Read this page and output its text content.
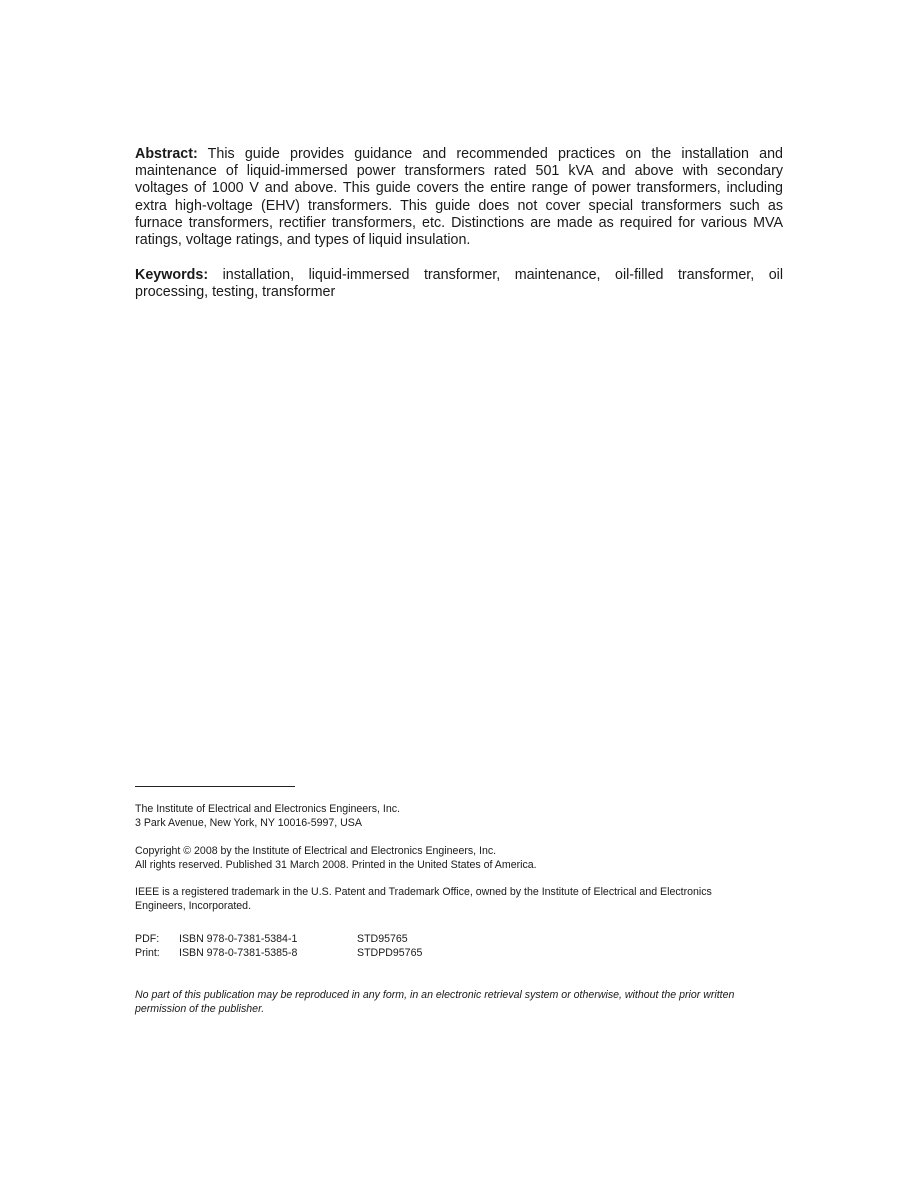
Abstract: This guide provides guidance and recommended practices on the installation and maintenance of liquid-immersed power transformers rated 501 kVA and above with secondary voltages of 1000 V and above. This guide covers the entire range of power transformers, including extra high-voltage (EHV) transformers. This guide does not cover special transformers such as furnace transformers, rectifier transformers, etc. Distinctions are made as required for various MVA ratings, voltage ratings, and types of liquid insulation.
Keywords: installation, liquid-immersed transformer, maintenance, oil-filled transformer, oil processing, testing, transformer
The Institute of Electrical and Electronics Engineers, Inc.
3 Park Avenue, New York, NY 10016-5997, USA
Copyright © 2008 by the Institute of Electrical and Electronics Engineers, Inc.
All rights reserved. Published 31 March 2008. Printed in the United States of America.
IEEE is a registered trademark in the U.S. Patent and Trademark Office, owned by the Institute of Electrical and Electronics
Engineers, Incorporated.
PDF:	ISBN 978-0-7381-5384-1	STD95765
Print:	ISBN 978-0-7381-5385-8	STDPD95765
No part of this publication may be reproduced in any form, in an electronic retrieval system or otherwise, without the prior written
permission of the publisher.
